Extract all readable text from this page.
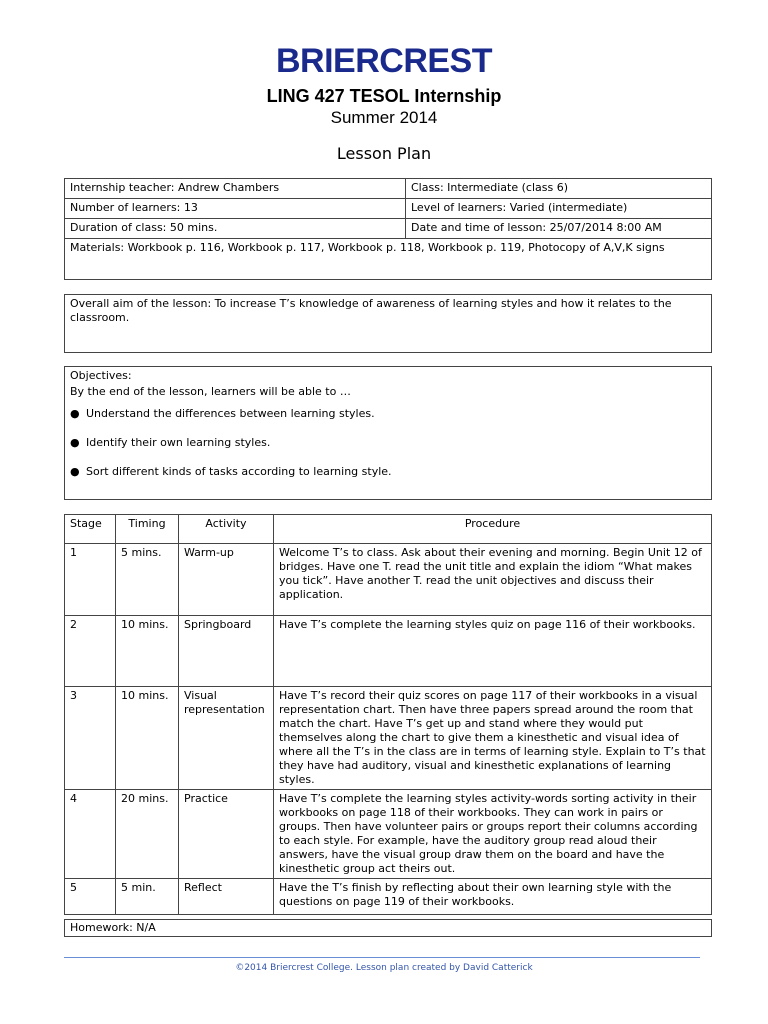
BRIERCREST
LING 427 TESOL Internship
Summer 2014
Lesson Plan
Internship teacher: Andrew Chambers	Class: Intermediate (class 6)
Number of learners: 13	Level of learners: Varied (intermediate)
Duration of class: 50 mins.	Date and time of lesson: 25/07/2014 8:00 AM
Materials: Workbook p. 116, Workbook p. 117, Workbook p. 118, Workbook p. 119, Photocopy of A,V,K signs	
Overall aim of the lesson: To increase T’s knowledge of awareness of learning styles and how it relates to the classroom.

Objectives:

By the end of the lesson, learners will be able to …

● Understand the differences between learning styles.
● Identify their own learning styles.
● Sort different kinds of tasks according to learning style.
Stage	Timing	Activity	Procedure
1	5 mins.	Warm-up	Welcome T’s to class. Ask about their evening and morning. Begin Unit 12 of bridges. Have one T. read the unit title and explain the idiom “What makes you tick”. Have another T. read the unit objectives and discuss their application.
2	10 mins.	Springboard	Have T’s complete the learning styles quiz on page 116 of their workbooks.
3	10 mins.	Visual representation	Have T’s record their quiz scores on page 117 of their workbooks in a visual representation chart. Then have three papers spread around the room that match the chart. Have T’s get up and stand where they would put themselves along the chart to give them a kinesthetic and visual idea of where all the T’s in the class are in terms of learning style. Explain to T’s that they have had auditory, visual and kinesthetic explanations of learning styles.
4	20 mins.	Practice	Have T’s complete the learning styles activity-words sorting activity in their workbooks on page 118 of their workbooks. They can work in pairs or groups. Then have volunteer pairs or groups report their columns according to each style. For example, have the auditory group read aloud their answers, have the visual group draw them on the board and have the kinesthetic group act theirs out.
5	5 min.	Reflect	Have the T’s finish by reflecting about their own learning style with the questions on page 119 of their workbooks.
Homework: N/A
©2014 Briercrest College. Lesson plan created by David Catterick
